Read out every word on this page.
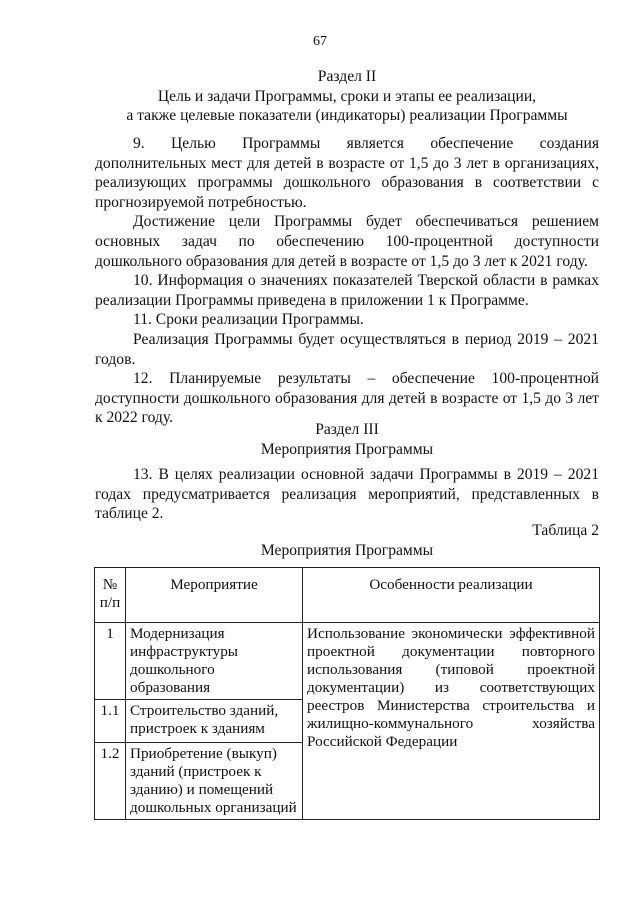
67
Раздел II
Цель и задачи Программы, сроки и этапы ее реализации,
а также целевые показатели (индикаторы) реализации Программы

9. Целью Программы является обеспечение создания дополнительных мест для детей в возрасте от 1,5 до 3 лет в организациях, реализующих программы дошкольного образования в соответствии с прогнозируемой потребностью.

Достижение цели Программы будет обеспечиваться решением основных задач по обеспечению 100-процентной доступности дошкольного образования для детей в возрасте от 1,5 до 3 лет к 2021 году.

10. Информация о значениях показателей Тверской области в рамках реализации Программы приведена в приложении 1 к Программе.

11. Сроки реализации Программы.

Реализация Программы будет осуществляться в период 2019 – 2021 годов.

12. Планируемые результаты – обеспечение 100-процентной доступности дошкольного образования для детей в возрасте от 1,5 до 3 лет к 2022 году.

Раздел III
Мероприятия Программы

13. В целях реализации основной задачи Программы в 2019 – 2021 годах предусматривается реализация мероприятий, представленных в таблице 2.

Таблица 2
Мероприятия Программы
№ п/п	Мероприятие	Особенности реализации
1	Модернизация инфраструктуры дошкольного образования	Использование экономически эффективной проектной документации повторного использования (типовой проектной документации) из соответствующих реестров Министерства строительства и жилищно-коммунального хозяйства Российской Федерации
1.1	Строительство зданий, пристроек к зданиям	
1.2	Приобретение (выкуп) зданий (пристроек к зданию) и помещений дошкольных организаций	
